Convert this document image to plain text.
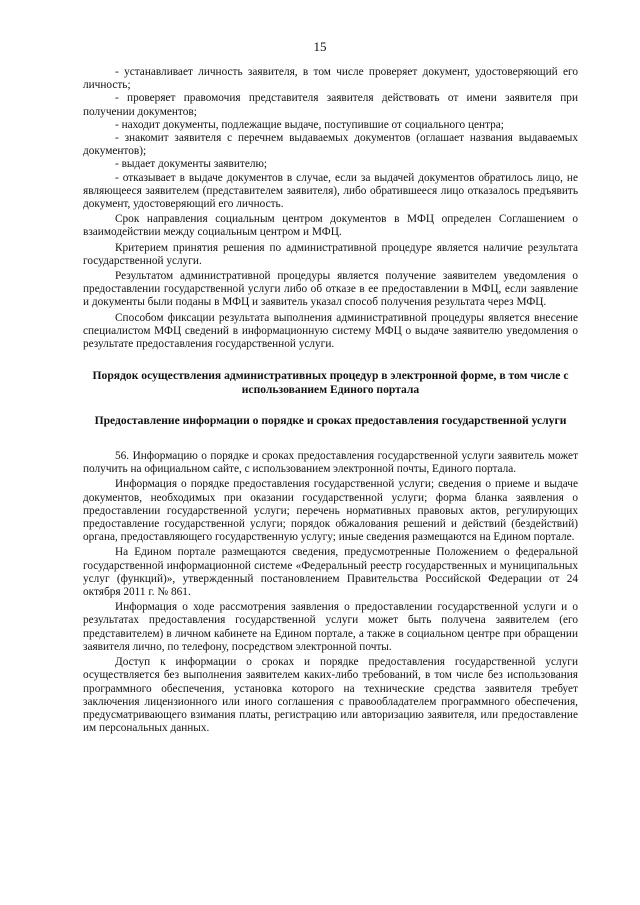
15

- устанавливает личность заявителя, в том числе проверяет документ, удостоверяющий его личность;

- проверяет правомочия представителя заявителя действовать от имени заявителя при получении документов;

- находит документы, подлежащие выдаче, поступившие от социального центра;

- знакомит заявителя с перечнем выдаваемых документов (оглашает названия выдаваемых документов);

- выдает документы заявителю;

- отказывает в выдаче документов в случае, если за выдачей документов обратилось лицо, не являющееся заявителем (представителем заявителя), либо обратившееся лицо отказалось предъявить документ, удостоверяющий его личность.

Срок направления социальным центром документов в МФЦ определен Соглашением о взаимодействии между социальным центром и МФЦ.

Критерием принятия решения по административной процедуре является наличие результата государственной услуги.

Результатом административной процедуры является получение заявителем уведомления о предоставлении государственной услуги либо об отказе в ее предоставлении в МФЦ, если заявление и документы были поданы в МФЦ и заявитель указал способ получения результата через МФЦ.

Способом фиксации результата выполнения административной процедуры является внесение специалистом МФЦ сведений в информационную систему МФЦ о выдаче заявителю уведомления о результате предоставления государственной услуги.

Порядок осуществления административных процедур в электронной форме, в том числе с использованием Единого портала

Предоставление информации о порядке и сроках предоставления государственной услуги

56. Информацию о порядке и сроках предоставления государственной услуги заявитель может получить на официальном сайте, с использованием электронной почты, Единого портала.

Информация о порядке предоставления государственной услуги; сведения о приеме и выдаче документов, необходимых при оказании государственной услуги; форма бланка заявления о предоставлении государственной услуги; перечень нормативных правовых актов, регулирующих предоставление государственной услуги; порядок обжалования решений и действий (бездействий) органа, предоставляющего государственную услугу; иные сведения размещаются на Едином портале.

На Едином портале размещаются сведения, предусмотренные Положением о федеральной государственной информационной системе «Федеральный реестр государственных и муниципальных услуг (функций)», утвержденный постановлением Правительства Российской Федерации от 24 октября 2011 г. № 861.

Информация о ходе рассмотрения заявления о предоставлении государственной услуги и о результатах предоставления государственной услуги может быть получена заявителем (его представителем) в личном кабинете на Едином портале, а также в социальном центре при обращении заявителя лично, по телефону, посредством электронной почты.

Доступ к информации о сроках и порядке предоставления государственной услуги осуществляется без выполнения заявителем каких-либо требований, в том числе без использования программного обеспечения, установка которого на технические средства заявителя требует заключения лицензионного или иного соглашения с правообладателем программного обеспечения, предусматривающего взимания платы, регистрацию или авторизацию заявителя, или предоставление им персональных данных.
